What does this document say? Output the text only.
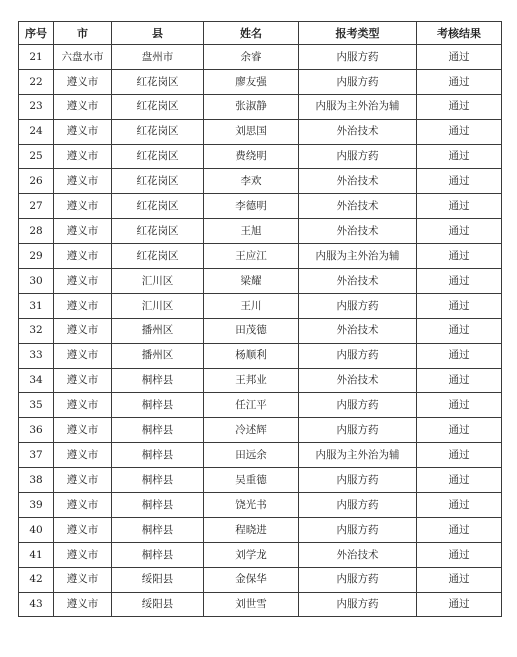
序号	市	县	姓名	报考类型	考核结果
21	六盘水市	盘州市	余睿	内服方药	通过
22	遵义市	红花岗区	廖友强	内服方药	通过
23	遵义市	红花岗区	张淑静	内服为主外治为辅	通过
24	遵义市	红花岗区	刘思国	外治技术	通过
25	遵义市	红花岗区	费绕明	内服方药	通过
26	遵义市	红花岗区	李欢	外治技术	通过
27	遵义市	红花岗区	李德明	外治技术	通过
28	遵义市	红花岗区	王旭	外治技术	通过
29	遵义市	红花岗区	王应江	内服为主外治为辅	通过
30	遵义市	汇川区	梁耀	外治技术	通过
31	遵义市	汇川区	王川	内服方药	通过
32	遵义市	播州区	田茂德	外治技术	通过
33	遵义市	播州区	杨顺利	内服方药	通过
34	遵义市	桐梓县	王邦业	外治技术	通过
35	遵义市	桐梓县	任江平	内服方药	通过
36	遵义市	桐梓县	冷述辉	内服方药	通过
37	遵义市	桐梓县	田远余	内服为主外治为辅	通过
38	遵义市	桐梓县	吴重德	内服方药	通过
39	遵义市	桐梓县	饶光书	内服方药	通过
40	遵义市	桐梓县	程晓进	内服方药	通过
41	遵义市	桐梓县	刘学龙	外治技术	通过
42	遵义市	绥阳县	金保华	内服方药	通过
43	遵义市	绥阳县	刘世雪	内服方药	通过
